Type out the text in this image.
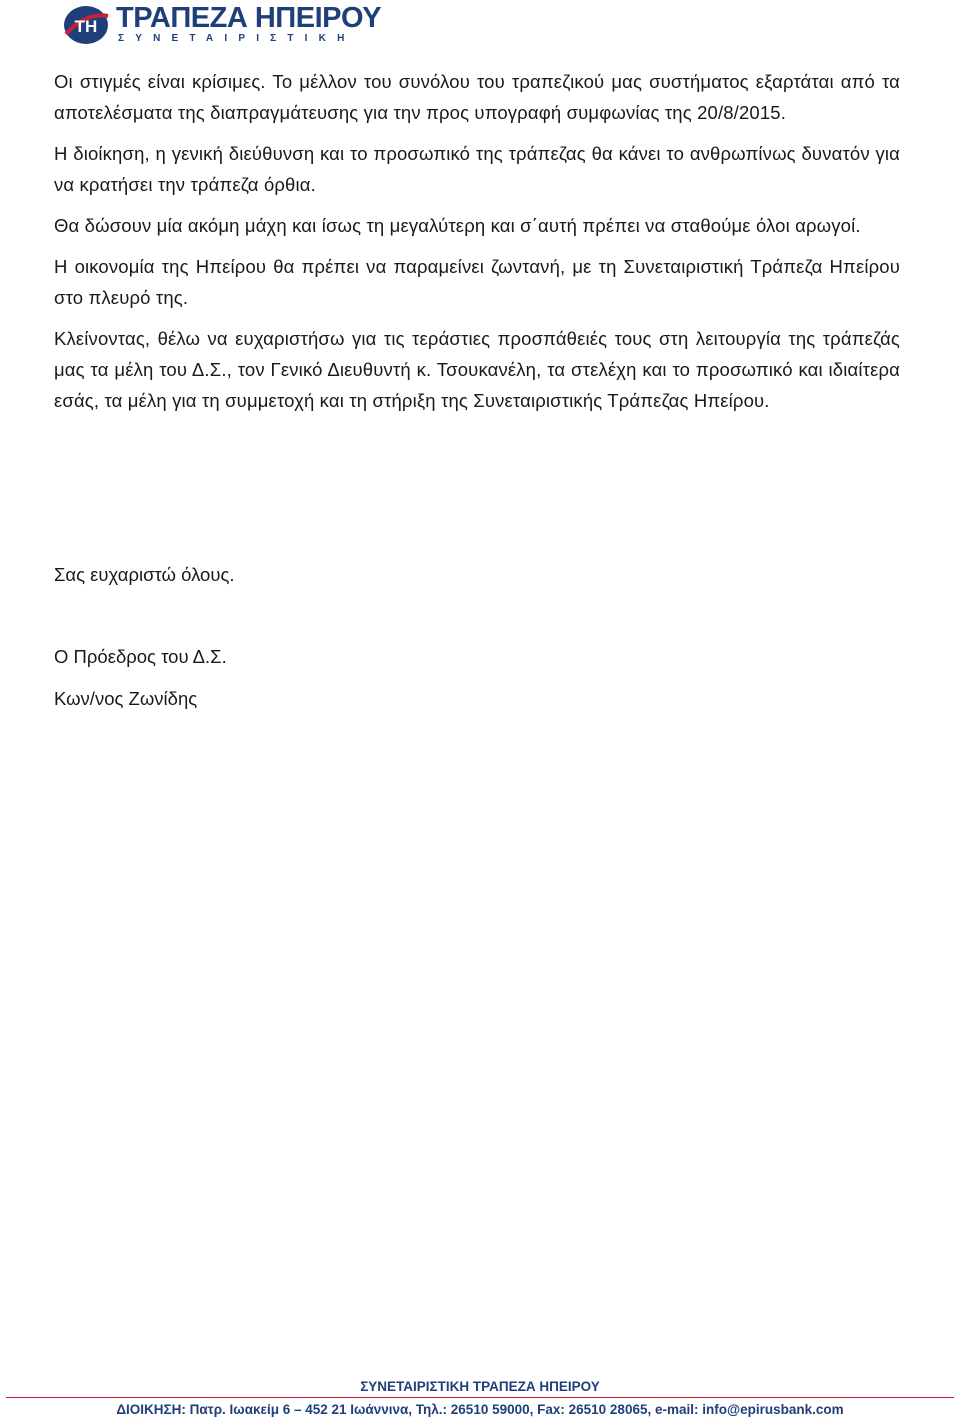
ΤΗ ΤΡΑΠΕΖΑ ΗΠΕΙΡΟΥ
ΣΥΝΕΤΑΙΡΙΣΤΙΚΗ

Οι στιγμές είναι κρίσιμες. Το μέλλον του συνόλου του τραπεζικού μας συστήματος εξαρτάται από τα αποτελέσματα της διαπραγμάτευσης για την προς υπογραφή συμφωνίας της 20/8/2015.

Η διοίκηση, η γενική διεύθυνση και το προσωπικό της τράπεζας θα κάνει το ανθρωπίνως δυνατόν για να κρατήσει την τράπεζα όρθια.

Θα δώσουν μία ακόμη μάχη και ίσως τη μεγαλύτερη και σ΄αυτή πρέπει να σταθούμε όλοι αρωγοί.

Η οικονομία της Ηπείρου θα πρέπει να παραμείνει ζωντανή, με τη Συνεταιριστική Τράπεζα Ηπείρου στο πλευρό της.

Κλείνοντας, θέλω να ευχαριστήσω για τις τεράστιες προσπάθειές τους στη λειτουργία της τράπεζάς μας τα μέλη του Δ.Σ., τον Γενικό Διευθυντή κ. Τσουκανέλη, τα στελέχη και το προσωπικό και ιδιαίτερα εσάς, τα μέλη για τη συμμετοχή και τη στήριξη της Συνεταιριστικής Τράπεζας Ηπείρου.

Σας ευχαριστώ όλους.

Ο Πρόεδρος του Δ.Σ.

Κων/νος Ζωνίδης

ΣΥΝΕΤΑΙΡΙΣΤΙΚΗ ΤΡΑΠΕΖΑ ΗΠΕΙΡΟΥ
ΔΙΟΙΚΗΣΗ: Πατρ. Ιωακείμ 6 – 452 21 Ιωάννινα, Τηλ.: 26510 59000, Fax: 26510 28065, e-mail: info@epirusbank.com
